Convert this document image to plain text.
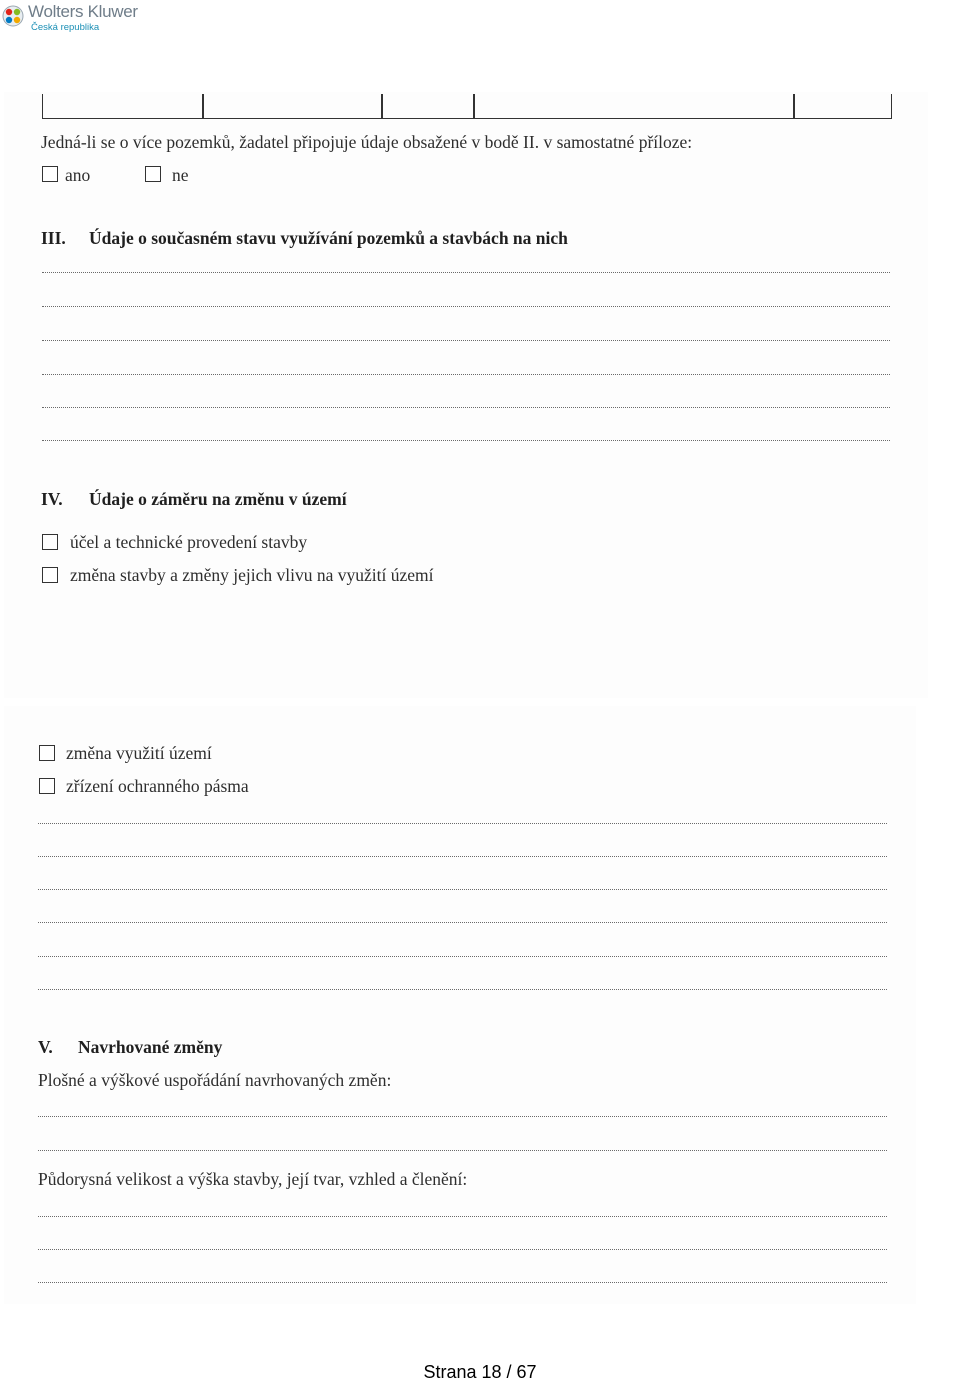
Wolters Kluwer
Česká republika
Jedná-li se o více pozemků, žadatel připojuje údaje obsažené v bodě II. v samostatné příloze:
ano	ne
III. Údaje o současném stavu využívání pozemků a stavbách na nich
IV. Údaje o záměru na změnu v území
účel a technické provedení stavby
změna stavby a změny jejich vlivu na využití území
změna využití území
zřízení ochranného pásma
V. Navrhované změny
Plošné a výškové uspořádání navrhovaných změn:
Půdorysná velikost a výška stavby, její tvar, vzhled a členění:
Strana 18 / 67
